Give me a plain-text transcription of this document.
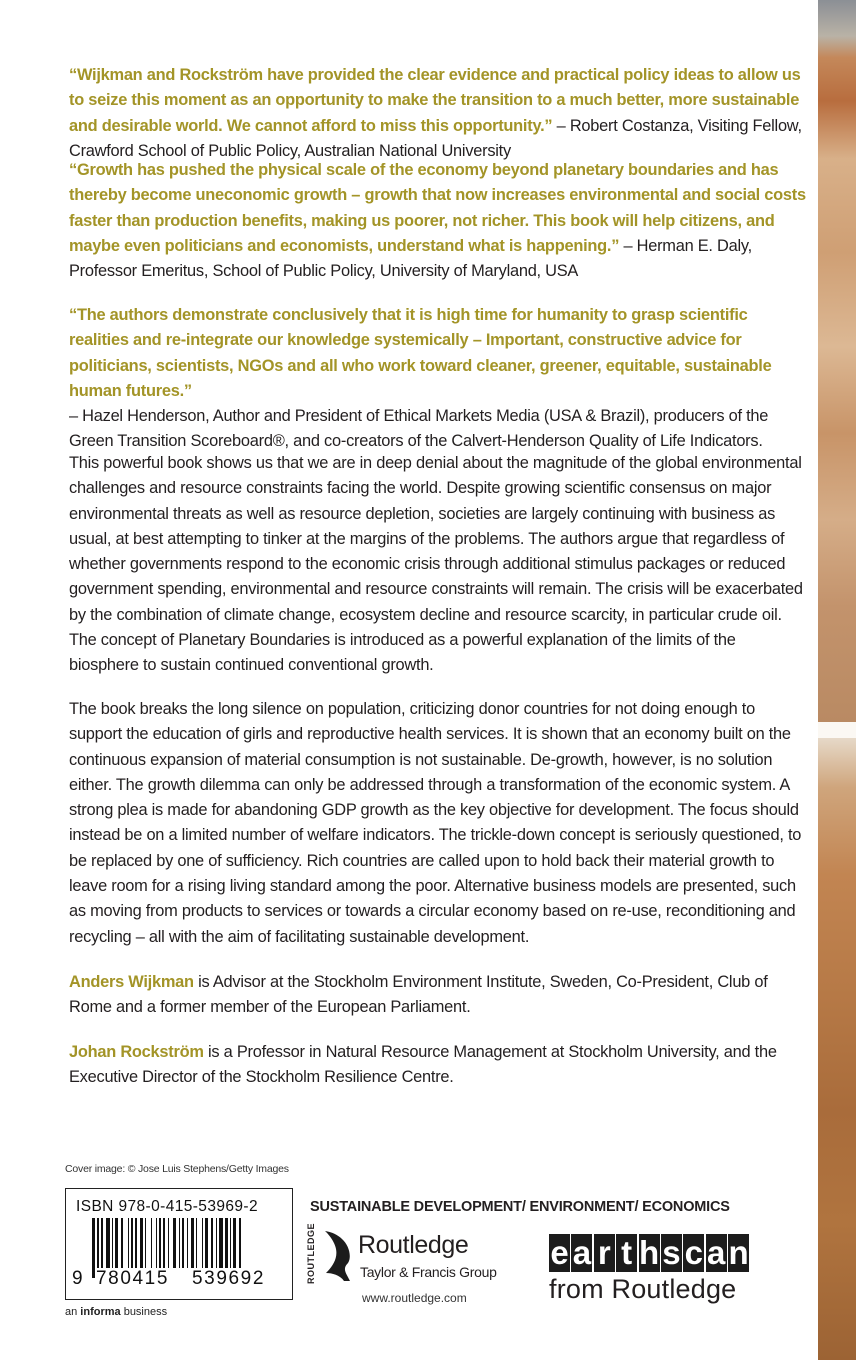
“Wijkman and Rockström have provided the clear evidence and practical policy ideas to allow us to seize this moment as an opportunity to make the transition to a much better, more sustainable and desirable world. We cannot afford to miss this opportunity.” – Robert Costanza, Visiting Fellow, Crawford School of Public Policy, Australian National University

“Growth has pushed the physical scale of the economy beyond planetary boundaries and has thereby become uneconomic growth – growth that now increases environmental and social costs faster than production benefits, making us poorer, not richer. This book will help citizens, and maybe even politicians and economists, understand what is happening.” – Herman E. Daly, Professor Emeritus, School of Public Policy, University of Maryland, USA

“The authors demonstrate conclusively that it is high time for humanity to grasp scientific realities and re-integrate our knowledge systemically – Important, constructive advice for politicians, scientists, NGOs and all who work toward cleaner, greener, equitable, sustainable human futures.”

– Hazel Henderson, Author and President of Ethical Markets Media (USA & Brazil), producers of the Green Transition Scoreboard®, and co-creators of the Calvert-Henderson Quality of Life Indicators.

This powerful book shows us that we are in deep denial about the magnitude of the global environmental challenges and resource constraints facing the world. Despite growing scientific consensus on major environmental threats as well as resource depletion, societies are largely continuing with business as usual, at best attempting to tinker at the margins of the problems. The authors argue that regardless of whether governments respond to the economic crisis through additional stimulus packages or reduced government spending, environmental and resource constraints will remain. The crisis will be exacerbated by the combination of climate change, ecosystem decline and resource scarcity, in particular crude oil. The concept of Planetary Boundaries is introduced as a powerful explanation of the limits of the biosphere to sustain continued conventional growth.

The book breaks the long silence on population, criticizing donor countries for not doing enough to support the education of girls and reproductive health services. It is shown that an economy built on the continuous expansion of material consumption is not sustainable. De-growth, however, is no solution either. The growth dilemma can only be addressed through a transformation of the economic system. A strong plea is made for abandoning GDP growth as the key objective for development. The focus should instead be on a limited number of welfare indicators. The trickle-down concept is seriously questioned, to be replaced by one of sufficiency. Rich countries are called upon to hold back their material growth to leave room for a rising living standard among the poor. Alternative business models are presented, such as moving from products to services or towards a circular economy based on re-use, reconditioning and recycling – all with the aim of facilitating sustainable development.

Anders Wijkman is Advisor at the Stockholm Environment Institute, Sweden, Co-President, Club of Rome and a former member of the European Parliament.

Johan Rockström is a Professor in Natural Resource Management at Stockholm University, and the Executive Director of the Stockholm Resilience Centre.

Cover image: © Jose Luis Stephens/Getty Images
ISBN 978-0-415-53969-2
9 780415 539692
an informa business
SUSTAINABLE DEVELOPMENT/ ENVIRONMENT/ ECONOMICS
ROUTLEDGE	Routledge
Taylor & Francis Group
www.routledge.com
e a r t hs c an
from Routledge
